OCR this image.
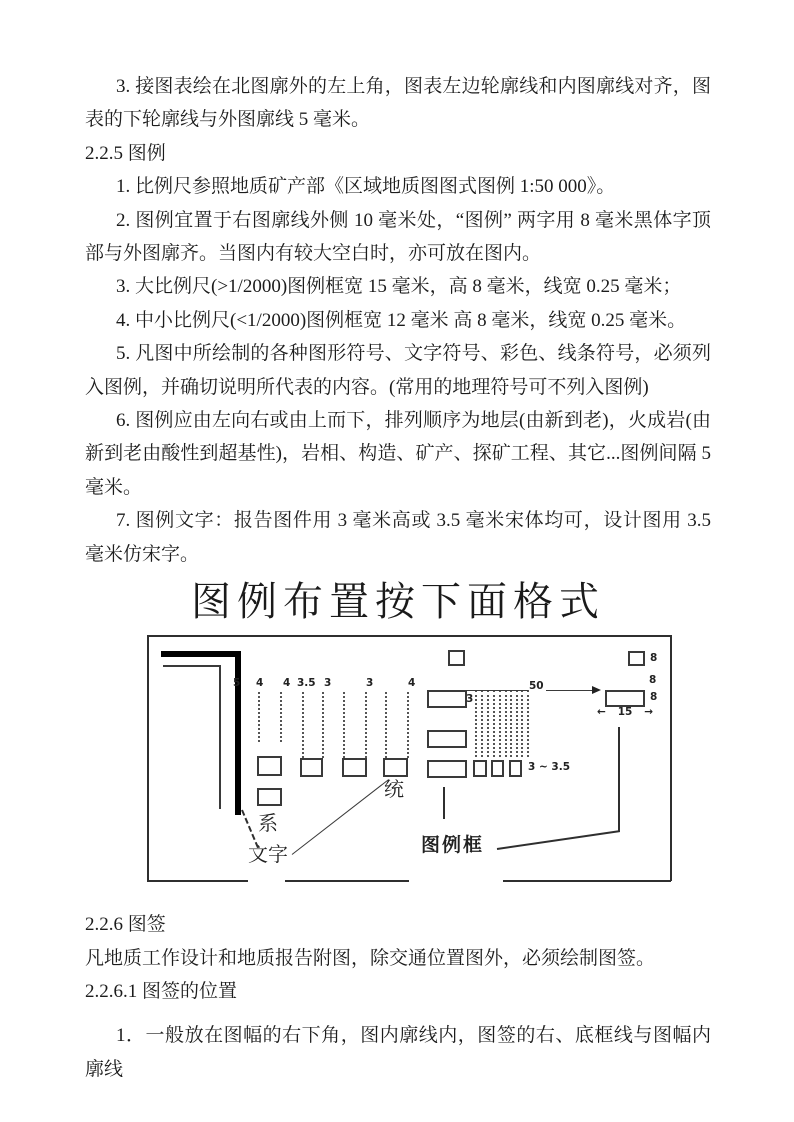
3. 接图表绘在北图廓外的左上角，图表左边轮廓线和内图廓线对齐，图表的下轮廓线与外图廓线 5 毫米。

2.2.5 图例

1. 比例尺参照地质矿产部《区域地质图图式图例 1:50 000》。

2. 图例宜置于右图廓线外侧 10 毫米处，“图例” 两字用 8 毫米黑体字顶部与外图廓齐。当图内有较大空白时，亦可放在图内。

3. 大比例尺(>1/2000)图例框宽 15 毫米，高 8 毫米，线宽 0.25 毫米；

4. 中小比例尺(<1/2000)图例框宽 12 毫米 高 8 毫米，线宽 0.25 毫米。

5. 凡图中所绘制的各种图形符号、文字符号、彩色、线条符号，必须列入图例，并确切说明所代表的内容。(常用的地理符号可不列入图例)

6. 图例应由左向右或由上而下，排列顺序为地层(由新到老)，火成岩(由新到老由酸性到超基性)，岩相、构造、矿产、探矿工程、其它...图例间隔 5 毫米。

7. 图例文字：报告图件用 3 毫米高或 3.5 毫米宋体均可，设计图用 3.5 毫米仿宋字。

图例布置按下面格式
5 4 4 3.5 3	3	4
3
3 ~ 3.5
50
8
8
8
← 15 →
图例框
统
系
文字

2.2.6 图签

凡地质工作设计和地质报告附图，除交通位置图外，必须绘制图签。

2.2.6.1 图签的位置

1．一般放在图幅的右下角，图内廓线内，图签的右、底框线与图幅内廓线
